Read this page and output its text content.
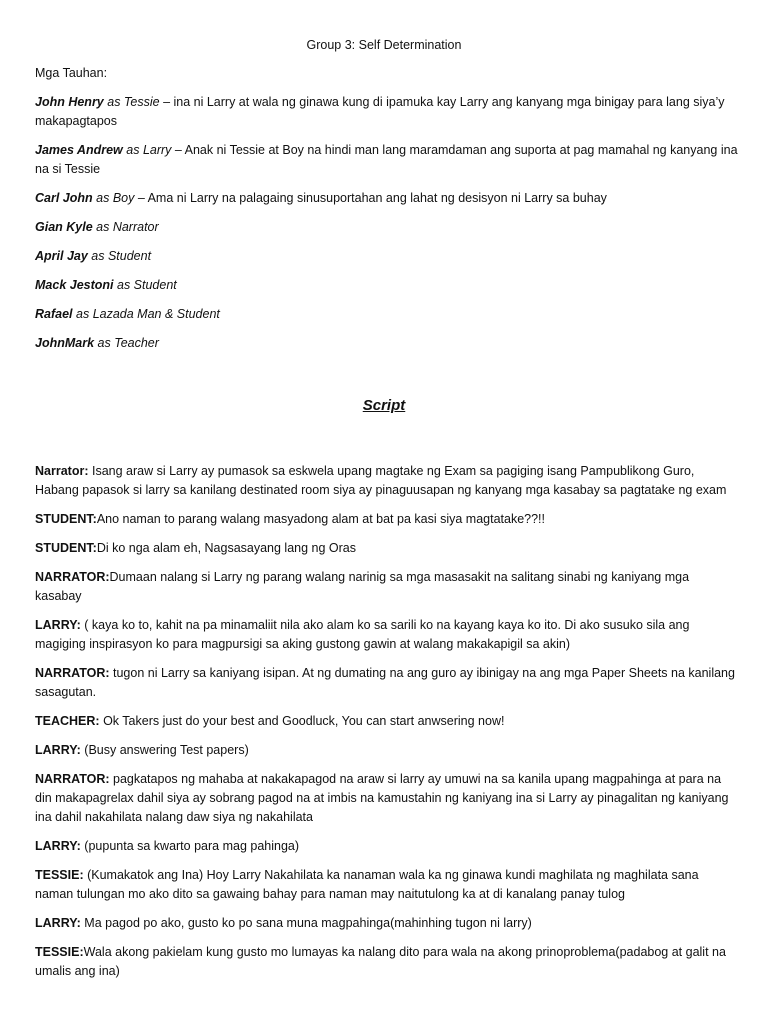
Group 3: Self Determination
Mga Tauhan:

John Henry as Tessie – ina ni Larry at wala ng ginawa kung di ipamuka kay Larry ang kanyang mga binigay para lang siya’y makapagtapos

James Andrew as Larry – Anak ni Tessie at Boy na hindi man lang maramdaman ang suporta at pag mamahal ng kanyang ina na si Tessie

Carl John as Boy – Ama ni Larry na palagaing sinusuportahan ang lahat ng desisyon ni Larry sa buhay

Gian Kyle as Narrator

April Jay as Student

Mack Jestoni as Student

Rafael as Lazada Man & Student

JohnMark as Teacher

Script

Narrator: Isang araw si Larry ay pumasok sa eskwela upang magtake ng Exam sa pagiging isang Pampublikong Guro, Habang papasok si larry sa kanilang destinated room siya ay pinaguusapan ng kanyang mga kasabay sa pagtatake ng exam

STUDENT:Ano naman to parang walang masyadong alam at bat pa kasi siya magtatake??!!

STUDENT:Di ko nga alam eh, Nagsasayang lang ng Oras

NARRATOR:Dumaan nalang si Larry ng parang walang narinig sa mga masasakit na salitang sinabi ng kaniyang mga kasabay

LARRY: ( kaya ko to, kahit na pa minamaliit nila ako alam ko sa sarili ko na kayang kaya ko ito. Di ako susuko sila ang magiging inspirasyon ko para magpursigi sa aking gustong gawin at walang makakapigil sa akin)

NARRATOR: tugon ni Larry sa kaniyang isipan. At ng dumating na ang guro ay ibinigay na ang mga Paper Sheets na kanilang sasagutan.

TEACHER: Ok Takers just do your best and Goodluck, You can start anwsering now!

LARRY: (Busy answering Test papers)

NARRATOR: pagkatapos ng mahaba at nakakapagod na araw si larry ay umuwi na sa kanila upang magpahinga at para na din makapagrelax dahil siya ay sobrang pagod na at imbis na kamustahin ng kaniyang ina si Larry ay pinagalitan ng kaniyang ina dahil nakahilata nalang daw siya ng nakahilata

LARRY: (pupunta sa kwarto para mag pahinga)

TESSIE: (Kumakatok ang Ina) Hoy Larry Nakahilata ka nanaman wala ka ng ginawa kundi maghilata ng maghilata sana naman tulungan mo ako dito sa gawaing bahay para naman may naitutulong ka at di kanalang panay tulog

LARRY: Ma pagod po ako, gusto ko po sana muna magpahinga(mahinhing tugon ni larry)

TESSIE:Wala akong pakielam kung gusto mo lumayas ka nalang dito para wala na akong prinoproblema(padabog at galit na umalis ang ina)
